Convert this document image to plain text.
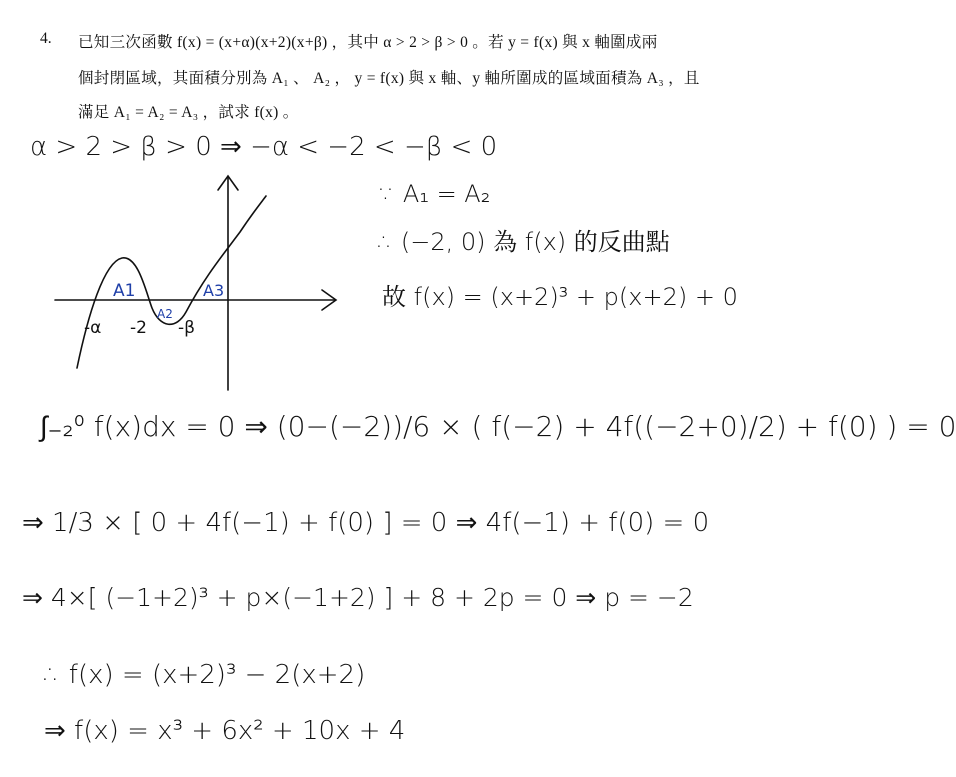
4. 已知三次函數 f(x) = (x+α)(x+2)(x+β) ，其中 α > 2 > β > 0 。若 y = f(x) 與 x 軸圍成兩
個封閉區域，其面積分別為 A₁ 、 A₂ ， y = f(x) 與 x 軸、y 軸所圍成的區域面積為 A₃ ，且
滿足 A₁ = A₂ = A₃ ，試求 f(x) 。
α > 2 > β > 0 ⇒ −α < −2 < −β < 0
∵ A₁ = A₂
∴ (−2, 0) 為 f(x) 的反曲點
故 f(x) = (x+2)³ + p(x+2) + 0
∫₋₂⁰ f(x)dx = 0 ⇒ (0−(−2))/6 × ( f(−2) + 4f((−2+0)/2) + f(0) ) = 0
⇒ 1/3 × [ 0 + 4f(−1) + f(0) ] = 0 ⇒ 4f(−1) + f(0) = 0
⇒ 4×[ (−1+2)³ + p×(−1+2) ] + 8 + 2p = 0 ⇒ p = −2
∴ f(x) = (x+2)³ − 2(x+2)
⇒ f(x) = x³ + 6x² + 10x + 4
A1
A2
A3
-α -2 -β
